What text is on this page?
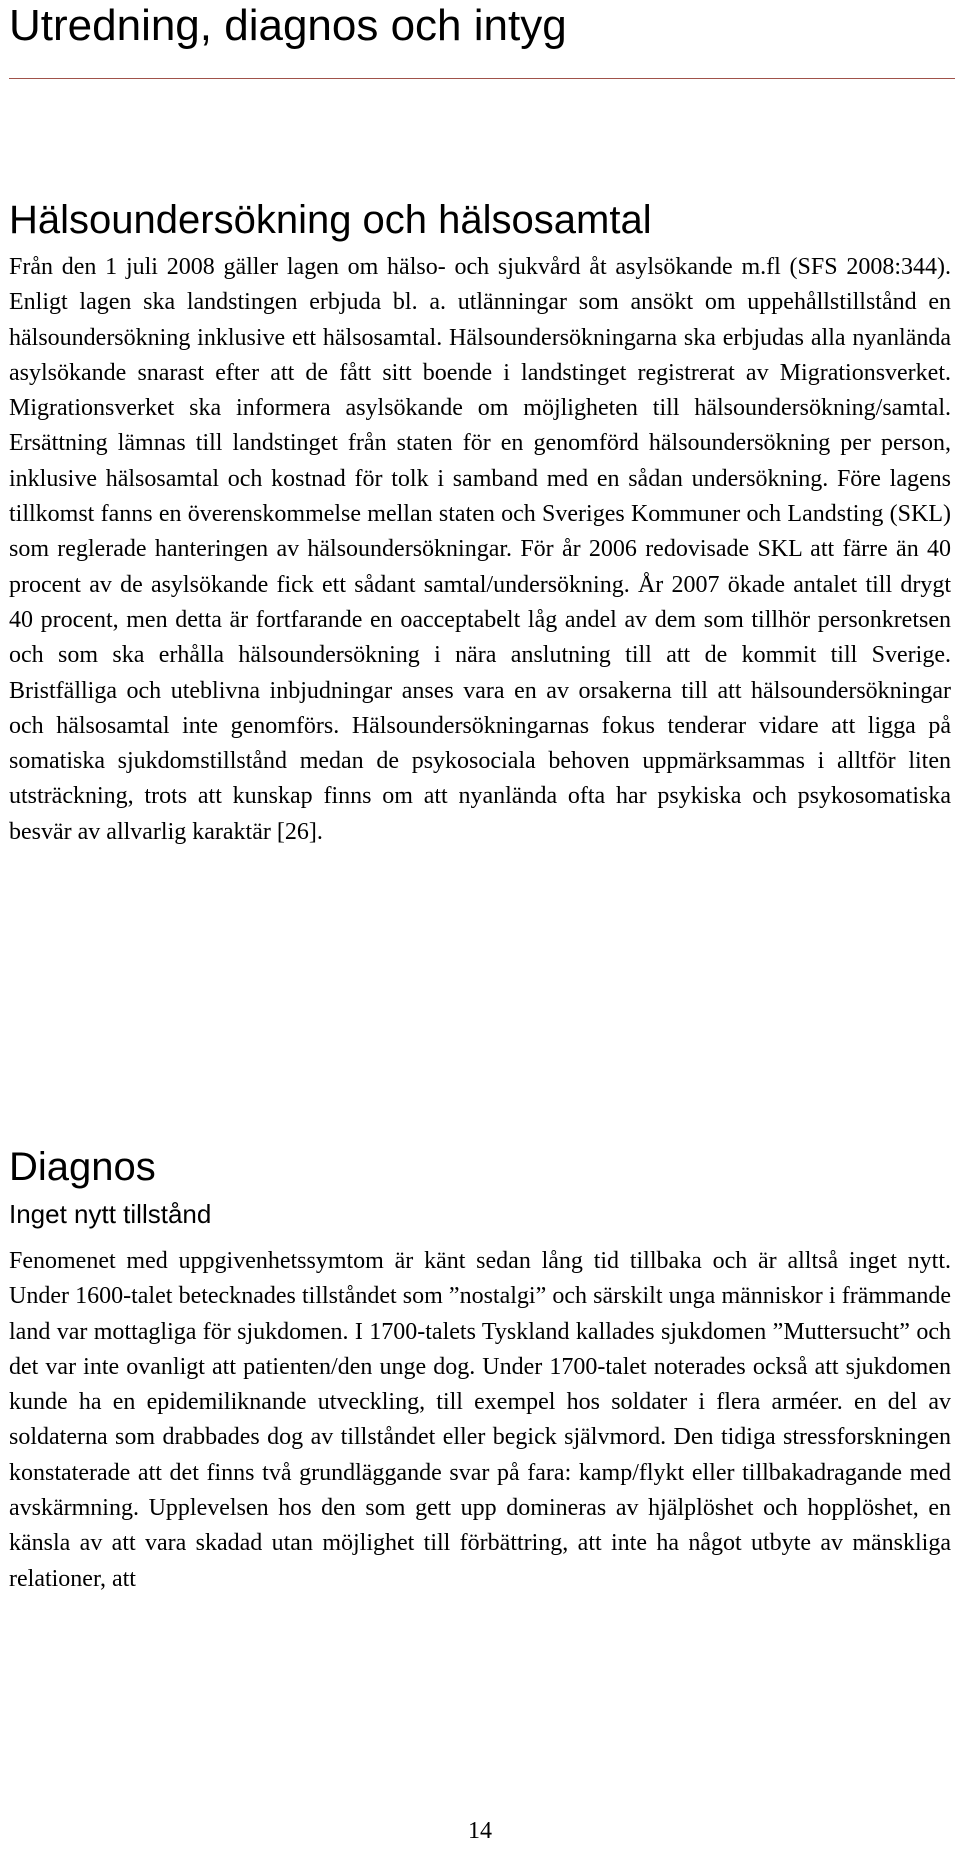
Utredning, diagnos och intyg
Hälsoundersökning och hälsosamtal

Från den 1 juli 2008 gäller lagen om hälso- och sjukvård åt asylsökande m.fl (SFS 2008:344). Enligt lagen ska landstingen erbjuda bl. a. utlänningar som ansökt om uppehållstillstånd en hälsoundersökning inklusive ett hälsosamtal. Hälsoundersökningarna ska erbjudas alla nyanlända asylsökande snarast efter att de fått sitt boende i landstinget registrerat av Migrationsverket. Migrationsverket ska informera asylsökande om möjligheten till hälsoundersökning/samtal. Ersättning lämnas till landstinget från staten för en genomförd hälsoundersökning per person, inklusive hälsosamtal och kostnad för tolk i samband med en sådan undersökning. Före lagens tillkomst fanns en överenskommelse mellan staten och Sveriges Kommuner och Landsting (SKL) som reglerade hanteringen av hälsoundersökningar. För år 2006 redovisade SKL att färre än 40 procent av de asylsökande fick ett sådant samtal/undersökning. År 2007 ökade antalet till drygt 40 procent, men detta är fortfarande en oacceptabelt låg andel av dem som tillhör personkretsen och som ska erhålla hälsoundersökning i nära anslutning till att de kommit till Sverige. Bristfälliga och uteblivna inbjudningar anses vara en av orsakerna till att hälsoundersökningar och hälsosamtal inte genomförs. Hälsoundersökningarnas fokus tenderar vidare att ligga på somatiska sjukdomstillstånd medan de psykosociala behoven uppmärksammas i alltför liten utsträckning, trots att kunskap finns om att nyanlända ofta har psykiska och psykosomatiska besvär av allvarlig karaktär [26].

Diagnos
Inget nytt tillstånd

Fenomenet med uppgivenhetssymtom är känt sedan lång tid tillbaka och är alltså inget nytt. Under 1600-talet betecknades tillståndet som ”nostalgi” och särskilt unga människor i främmande land var mottagliga för sjukdomen. I 1700-talets Tyskland kallades sjukdomen ”Muttersucht” och det var inte ovanligt att patienten/den unge dog. Under 1700-talet noterades också att sjukdomen kunde ha en epidemiliknande utveckling, till exempel hos soldater i flera arméer. en del av soldaterna som drabbades dog av tillståndet eller begick självmord. Den tidiga stressforskningen konstaterade att det finns två grundläggande svar på fara: kamp/flykt eller tillbakadragande med avskärmning. Upplevelsen hos den som gett upp domineras av hjälplöshet och hopplöshet, en känsla av att vara skadad utan möjlighet till förbättring, att inte ha något utbyte av mänskliga relationer, att

14
